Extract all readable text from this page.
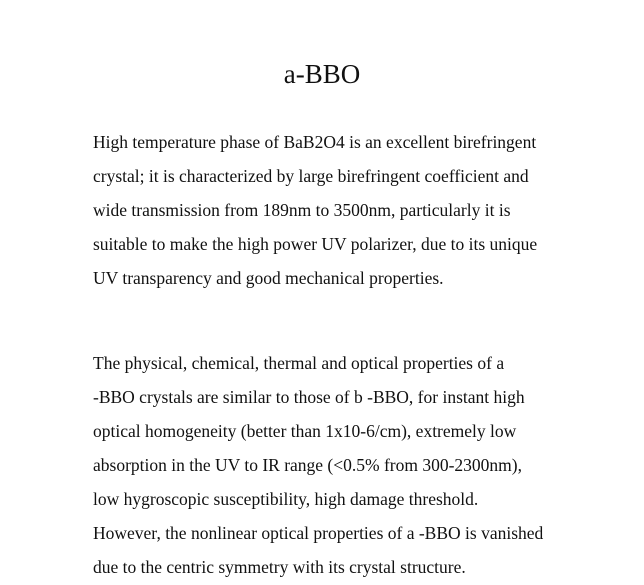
a-BBO

High temperature phase of BaB2O4 is an excellent birefringent
crystal; it is characterized by large birefringent coefficient and
wide transmission from 189nm to 3500nm, particularly it is
suitable to make the high power UV polarizer, due to its unique
UV transparency and good mechanical properties.

The physical, chemical, thermal and optical properties of a
-BBO crystals are similar to those of b -BBO, for instant high
optical homogeneity (better than 1x10-6/cm), extremely low
absorption in the UV to IR range (<0.5% from 300-2300nm),
low hygroscopic susceptibility, high damage threshold.
However, the nonlinear optical properties of a -BBO is vanished
due to the centric symmetry with its crystal structure.
